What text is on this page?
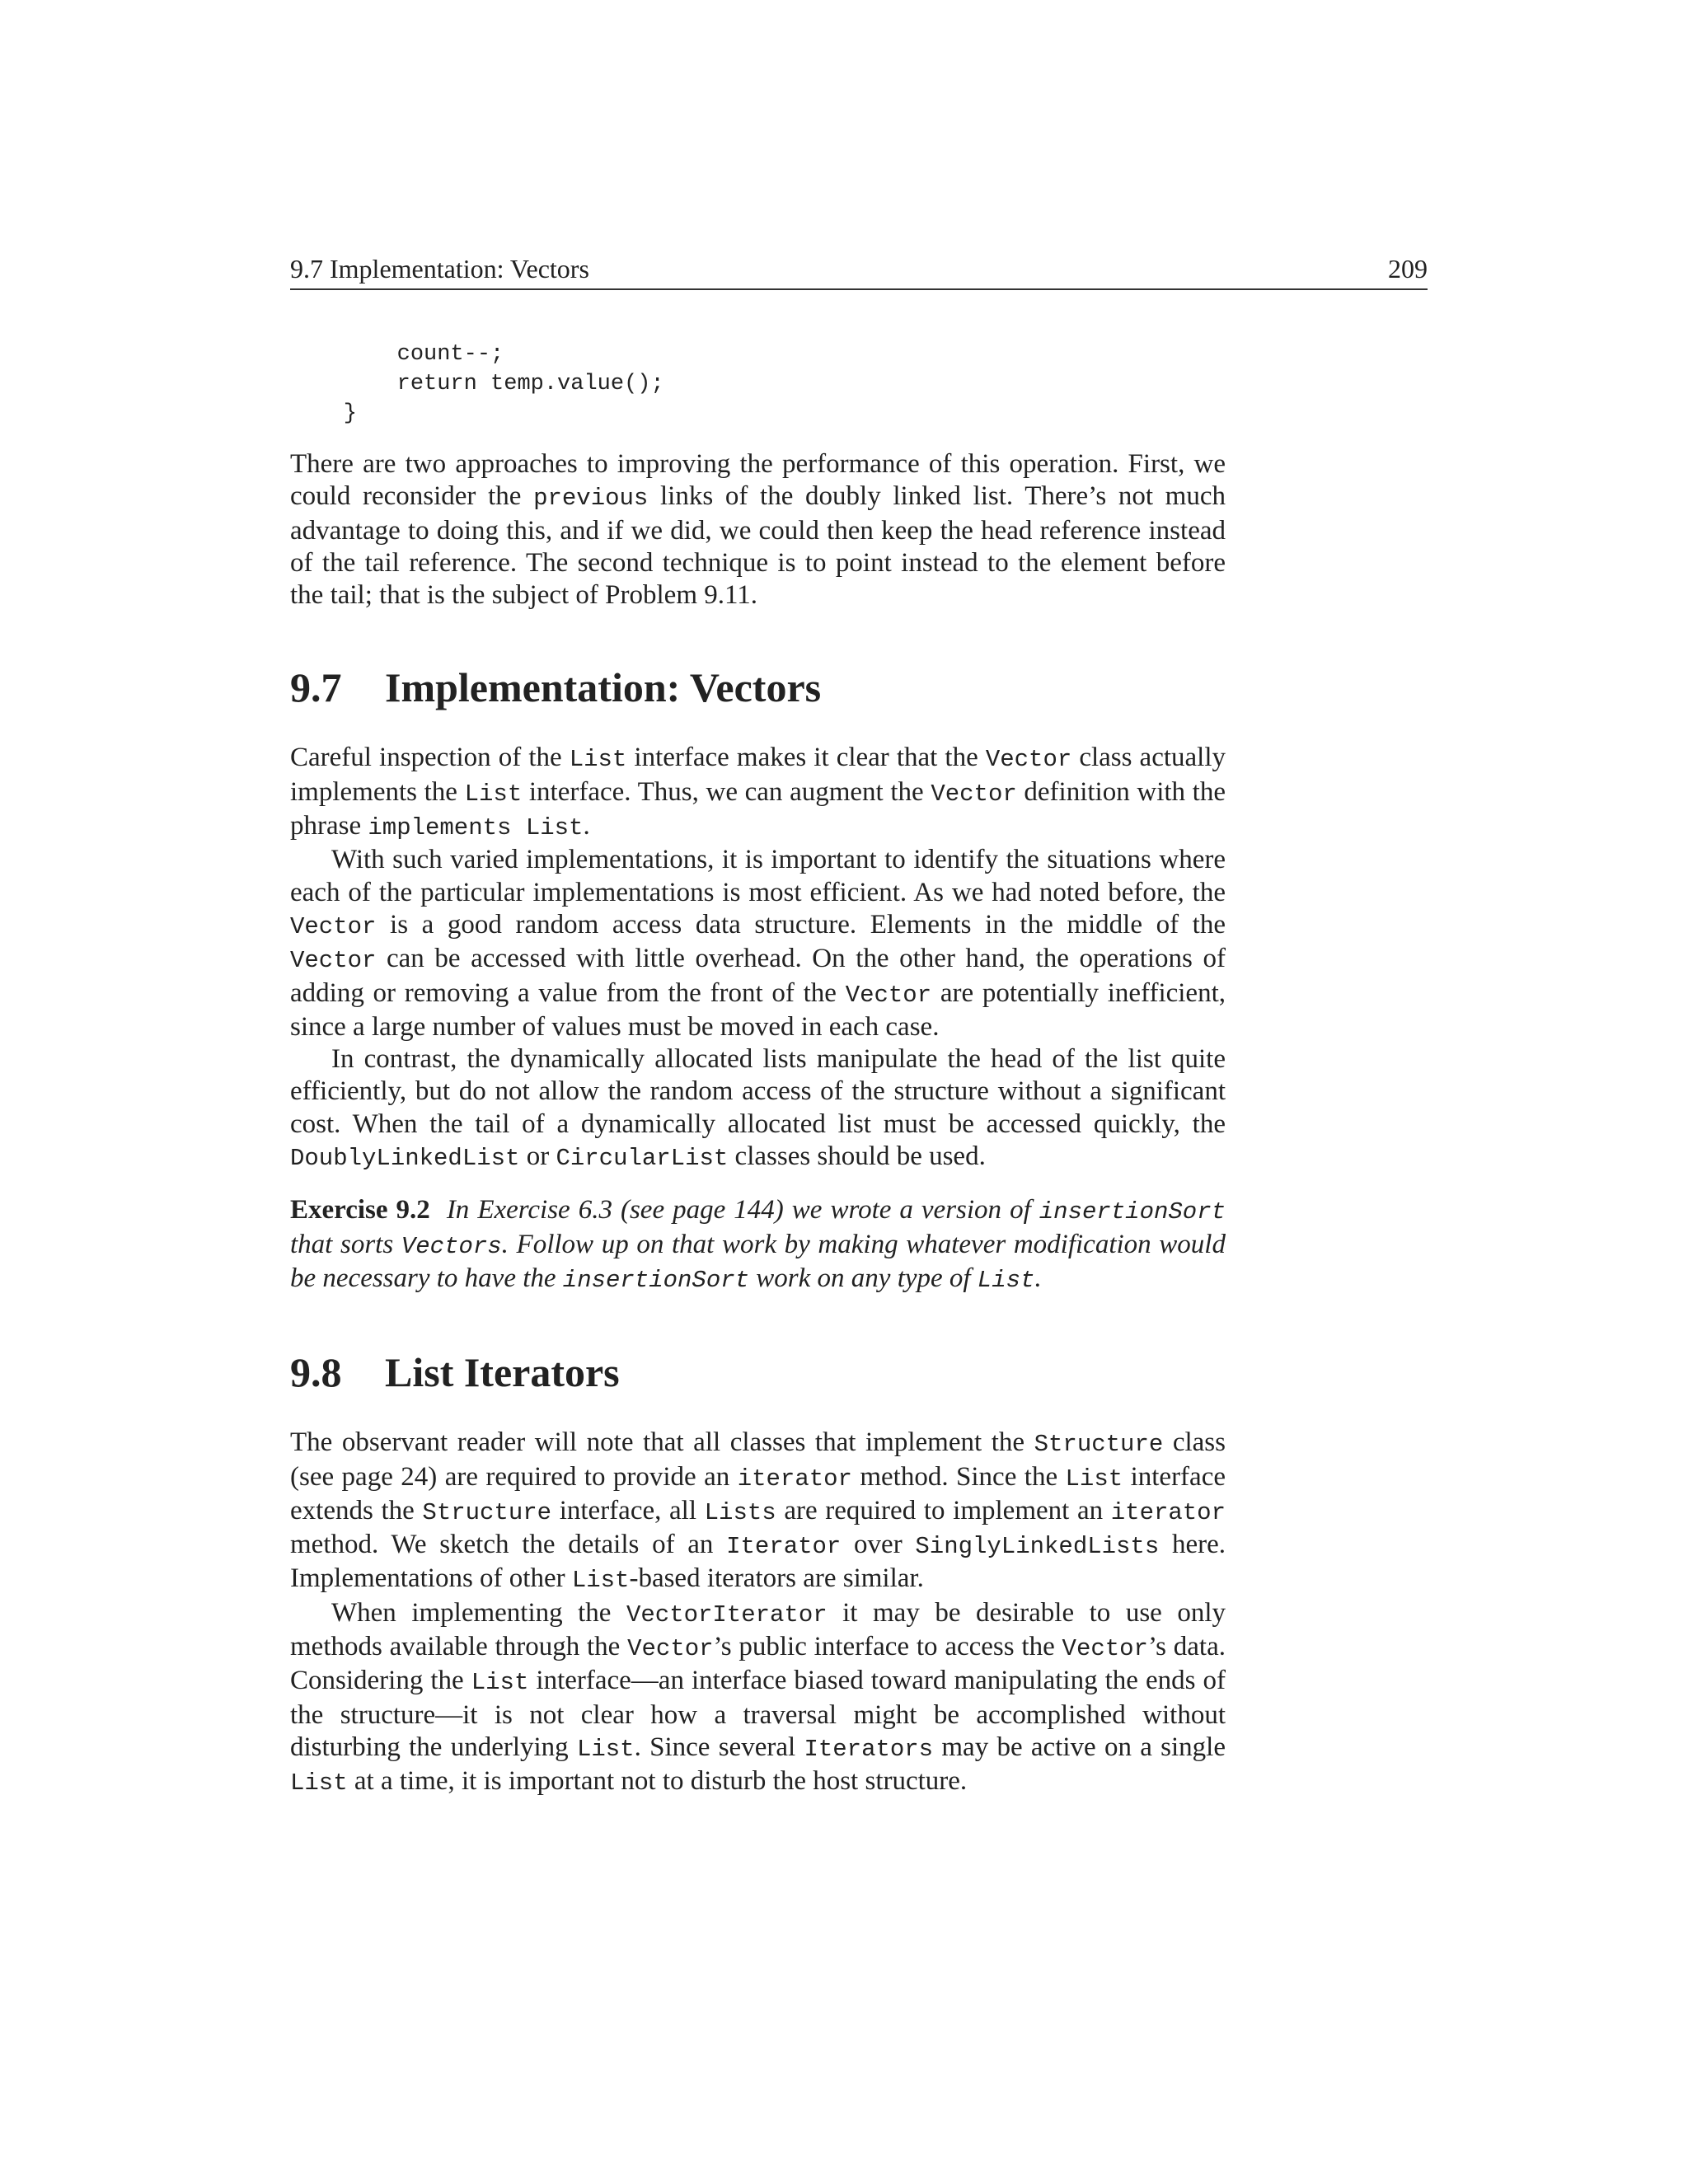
9.7 Implementation: Vectors	209
count--;
return temp.value();
}

There are two approaches to improving the performance of this operation. First, we could reconsider the previous links of the doubly linked list. There’s not much advantage to doing this, and if we did, we could then keep the head reference instead of the tail reference. The second technique is to point instead to the element before the tail; that is the subject of Problem 9.11.

9.7 Implementation: Vectors

Careful inspection of the List interface makes it clear that the Vector class actually implements the List interface. Thus, we can augment the Vector definition with the phrase implements List.

With such varied implementations, it is important to identify the situations where each of the particular implementations is most efficient. As we had noted before, the Vector is a good random access data structure. Elements in the middle of the Vector can be accessed with little overhead. On the other hand, the operations of adding or removing a value from the front of the Vector are potentially inefficient, since a large number of values must be moved in each case.

In contrast, the dynamically allocated lists manipulate the head of the list quite efficiently, but do not allow the random access of the structure without a significant cost. When the tail of a dynamically allocated list must be accessed quickly, the DoublyLinkedList or CircularList classes should be used.

Exercise 9.2 In Exercise 6.3 (see page 144) we wrote a version of insertionSort that sorts Vectors. Follow up on that work by making whatever modification would be necessary to have the insertionSort work on any type of List.

9.8 List Iterators

The observant reader will note that all classes that implement the Structure class (see page 24) are required to provide an iterator method. Since the List interface extends the Structure interface, all Lists are required to implement an iterator method. We sketch the details of an Iterator over SinglyLinkedLists here. Implementations of other List-based iterators are similar.

When implementing the VectorIterator it may be desirable to use only methods available through the Vector’s public interface to access the Vector’s data. Considering the List interface—an interface biased toward manipulating the ends of the structure—it is not clear how a traversal might be accomplished without disturbing the underlying List. Since several Iterators may be active on a single List at a time, it is important not to disturb the host structure.
